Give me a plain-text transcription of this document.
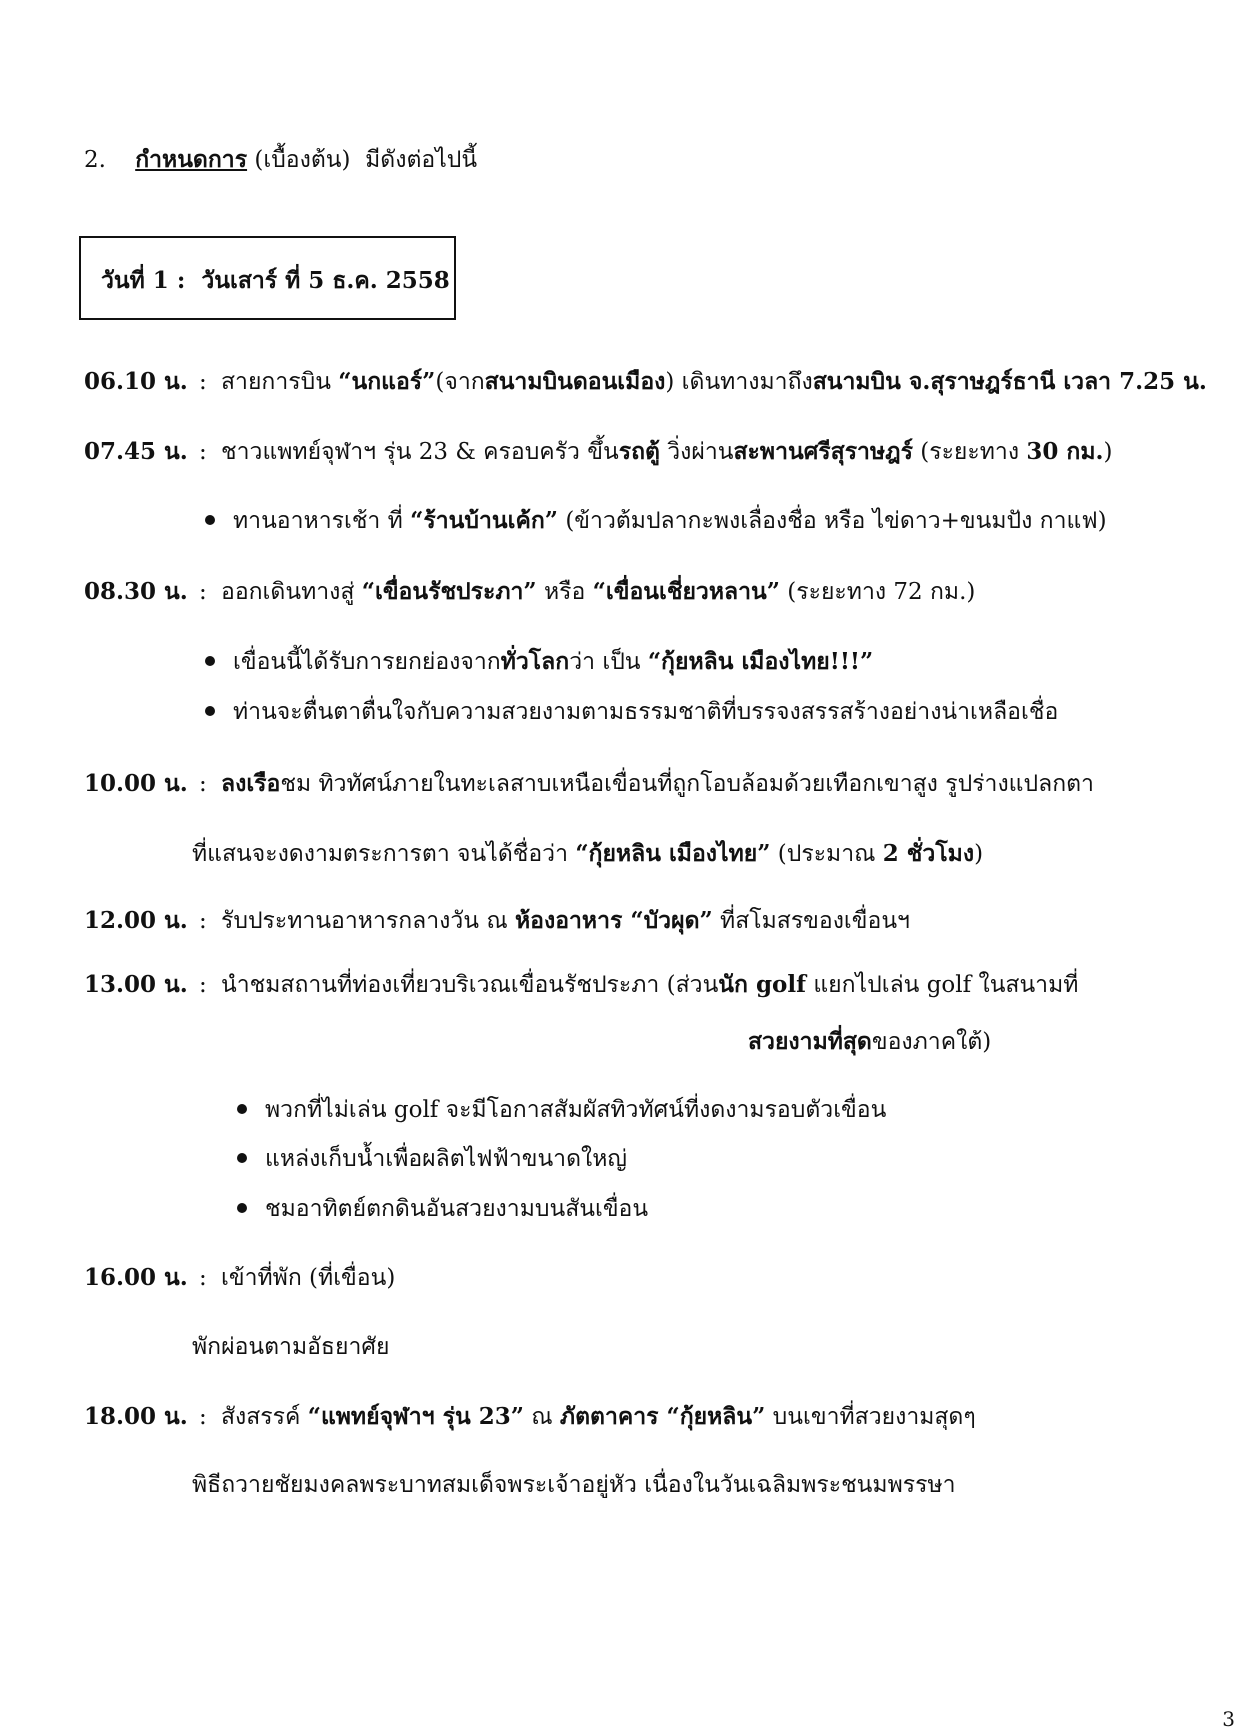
2. กำหนดการ (เบื้องต้น) มีดังต่อไปนี้
วันที่ 1 : วันเสาร์ ที่ 5 ธ.ค. 2558
06.10 น. : สายการบิน “นกแอร์”(จากสนามบินดอนเมือง) เดินทางมาถึงสนามบิน จ.สุราษฎร์ธานี เวลา 7.25 น.
07.45 น. : ชาวแพทย์จุฬาฯ รุ่น 23 & ครอบครัว ขึ้นรถตู้ วิ่งผ่านสะพานศรีสุราษฎร์ (ระยะทาง 30 กม.)
ทานอาหารเช้า ที่ “ร้านบ้านเค้ก” (ข้าวต้มปลากะพงเลื่องชื่อ หรือ ไข่ดาว+ขนมปัง กาแฟ)
08.30 น. : ออกเดินทางสู่ “เขื่อนรัชประภา” หรือ “เขื่อนเชี่ยวหลาน” (ระยะทาง 72 กม.)
เขื่อนนี้ได้รับการยกย่องจากทั่วโลกว่า เป็น “กุ้ยหลิน เมืองไทย!!!”
ท่านจะตื่นตาตื่นใจกับความสวยงามตามธรรมชาติที่บรรจงสรรสร้างอย่างน่าเหลือเชื่อ
10.00 น. : ลงเรือชม ทิวทัศน์ภายในทะเลสาบเหนือเขื่อนที่ถูกโอบล้อมด้วยเทือกเขาสูง รูปร่างแปลกตา
ที่แสนจะงดงามตระการตา จนได้ชื่อว่า “กุ้ยหลิน เมืองไทย” (ประมาณ 2 ชั่วโมง)
12.00 น. : รับประทานอาหารกลางวัน ณ ห้องอาหาร “บัวผุด” ที่สโมสรของเขื่อนฯ
13.00 น. : นำชมสถานที่ท่องเที่ยวบริเวณเขื่อนรัชประภา (ส่วนนัก golf แยกไปเล่น golf ในสนามที่
สวยงามที่สุดของภาคใต้)
พวกที่ไม่เล่น golf จะมีโอกาสสัมผัสทิวทัศน์ที่งดงามรอบตัวเขื่อน
แหล่งเก็บน้ำเพื่อผลิตไฟฟ้าขนาดใหญ่
ชมอาทิตย์ตกดินอันสวยงามบนสันเขื่อน
16.00 น. : เข้าที่พัก (ที่เขื่อน)
พักผ่อนตามอัธยาศัย
18.00 น. : สังสรรค์ “แพทย์จุฬาฯ รุ่น 23” ณ ภัตตาคาร “กุ้ยหลิน” บนเขาที่สวยงามสุดๆ
พิธีถวายชัยมงคลพระบาทสมเด็จพระเจ้าอยู่หัว เนื่องในวันเฉลิมพระชนมพรรษา
3
